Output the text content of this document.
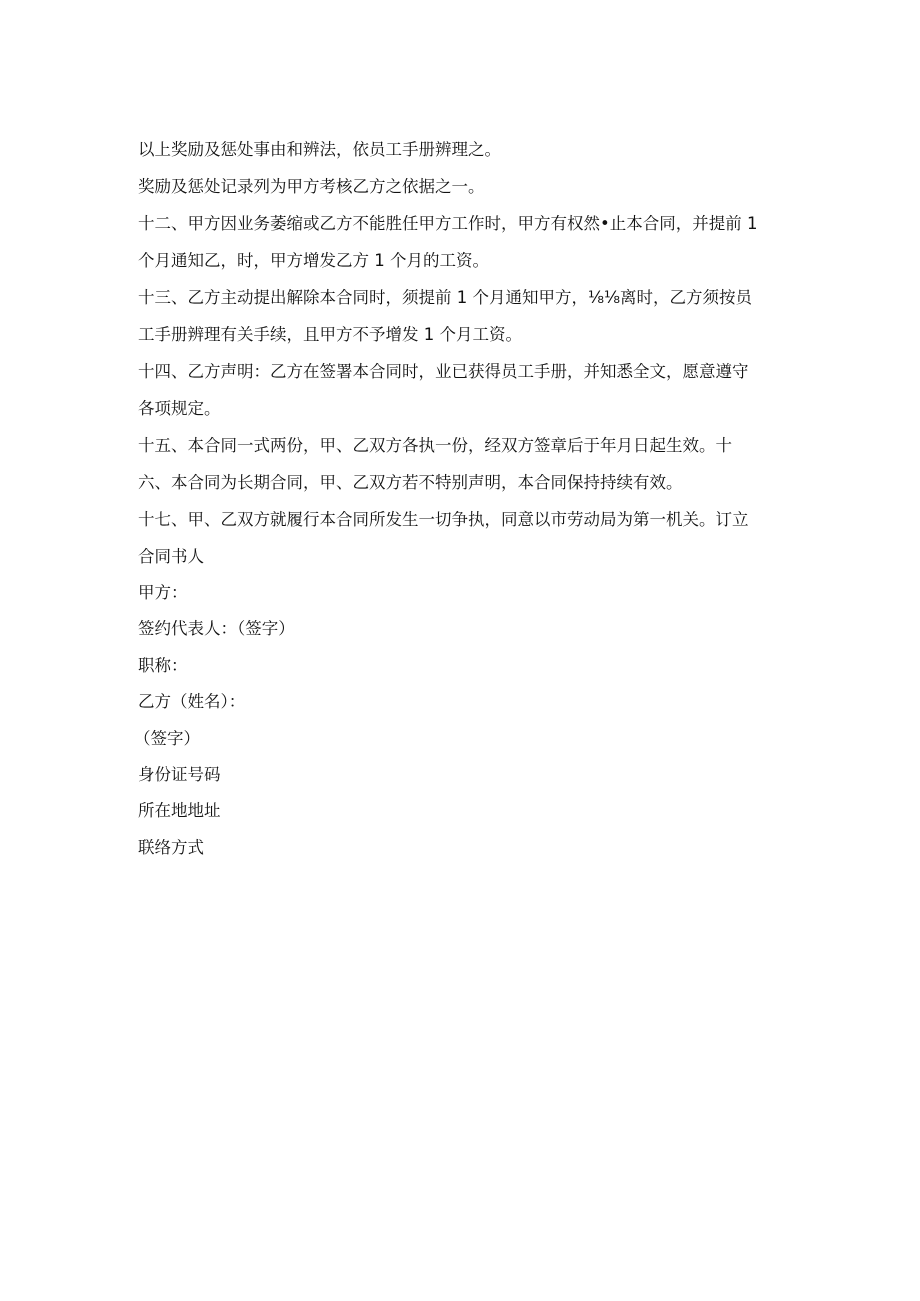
以上奖励及惩处事由和辨法，依员工手册辨理之。
奖励及惩处记录列为甲方考核乙方之依据之一。
十二、甲方因业务萎缩或乙方不能胜任甲方工作时，甲方有权然•止本合同，并提前 1
个月通知乙，时，甲方增发乙方 1 个月的工资。
十三、乙方主动提出解除本合同时，须提前 1 个月通知甲方，⅛⅛离时，乙方须按员
工手册辨理有关手续，且甲方不予增发 1 个月工资。
十四、乙方声明：乙方在签署本合同时，业已获得员工手册，并知悉全文，愿意遵守
各项规定。
十五、本合同一式两份，甲、乙双方各执一份，经双方签章后于年月日起生效。十
六、本合同为长期合同，甲、乙双方若不特别声明，本合同保持持续有效。
十七、甲、乙双方就履行本合同所发生一切争执，同意以市劳动局为第一机关。订立
合同书人
甲方：
签约代表人：（签字）
职称：
乙方（姓名）：
（签字）
身份证号码
所在地地址
联络方式
